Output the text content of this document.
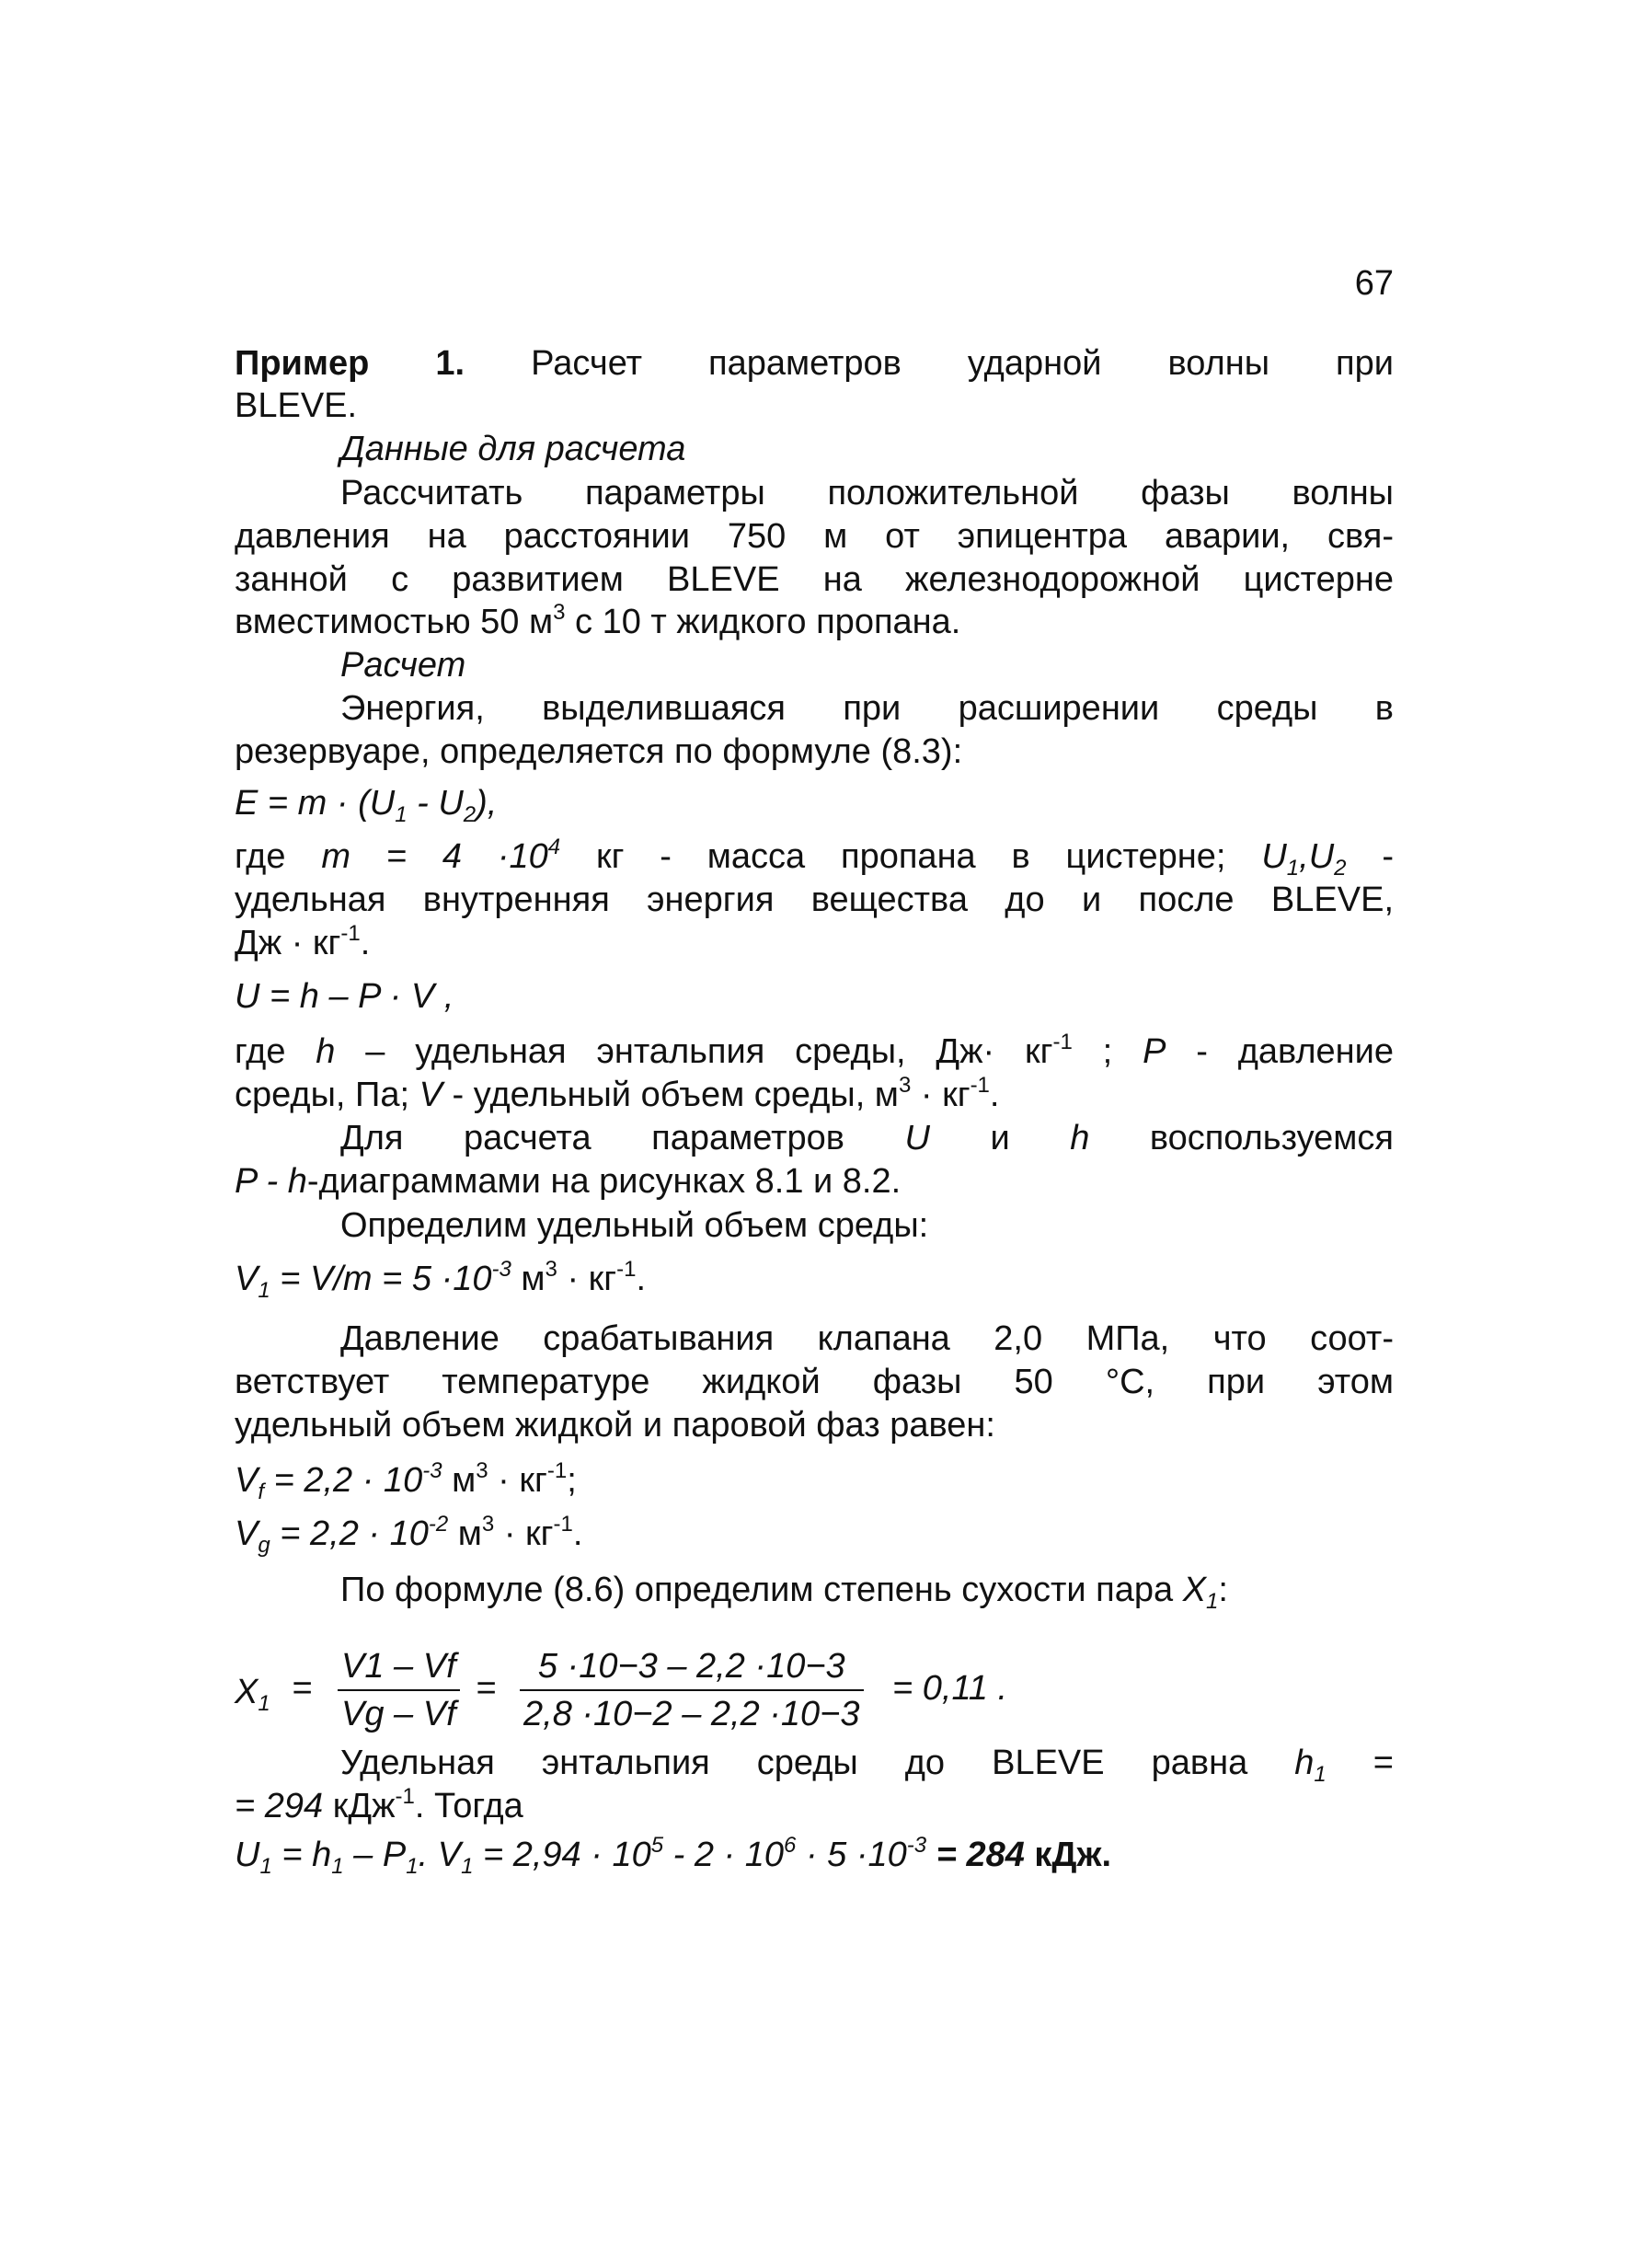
67
Пример 1. Расчет параметров ударной волны при
BLEVE.
Данные для расчета
Рассчитать параметры положительной фазы волны
давления на расстоянии 750 м от эпицентра аварии, свя-
занной с развитием BLEVE на железнодорожной цистерне
вместимостью 50 $м^3$ с 10 т жидкого пропана.
Расчет
Энергия, выделившаяся при расширении среды в
резервуаре, определяется по формуле (8.3):
$E = m \cdot (U_1 - U_2)$,
где $m = 4 \cdot 10^4$ кг - масса пропана в цистерне; $U_1,U_2$ -
удельная внутренняя энергия вещества до и после BLEVE,
Дж · $кг^{-1}$.
U = h – P · V ,
где h – удельная энтальпия среды, $Дж\cdot кг^{-1}$ ; P - давление
среды, Па; V - удельный объем среды, $м^3 \cdot кг^{-1}$.
Для расчета параметров U и h воспользуемся
P - h-диаграммами на рисунках 8.1 и 8.2.
Определим удельный объем среды:
$V_1 = V/m = 5 \cdot 10^{-3}$ $м^3 \cdot кг^{-1}$.
Давление срабатывания клапана 2,0 МПа, что соот-
ветствует температуре жидкой фазы 50 °С, при этом
удельный объем жидкой и паровой фаз равен:
$V_f = 2,2 \cdot 10^{-3}$ $м^3 \cdot кг^{-1}$;
$V_g = 2,2 \cdot 10^{-2}$ $м^3 \cdot кг^{-1}$.
По формуле (8.6) определим степень сухости пара $X_1$:
$X_1 = \frac{V1 - Vf}{Vg - Vf} = \frac{5 \cdot 10-3 - 2,2 \cdot 10-3}{2,8 \cdot 10-2 - 2,2 \cdot 10-3} = 0,11$ .
Удельная энтальпия среды до BLEVE равна $h_1$ =
= 294 кДж$^{-1}$. Тогда
$U_1 = h_1 - P_1$. $V_1 = 2,94 \cdot 10^5 - 2 \cdot 10^6 \cdot 5 \cdot 10^{-3} = 284$ кДж.
